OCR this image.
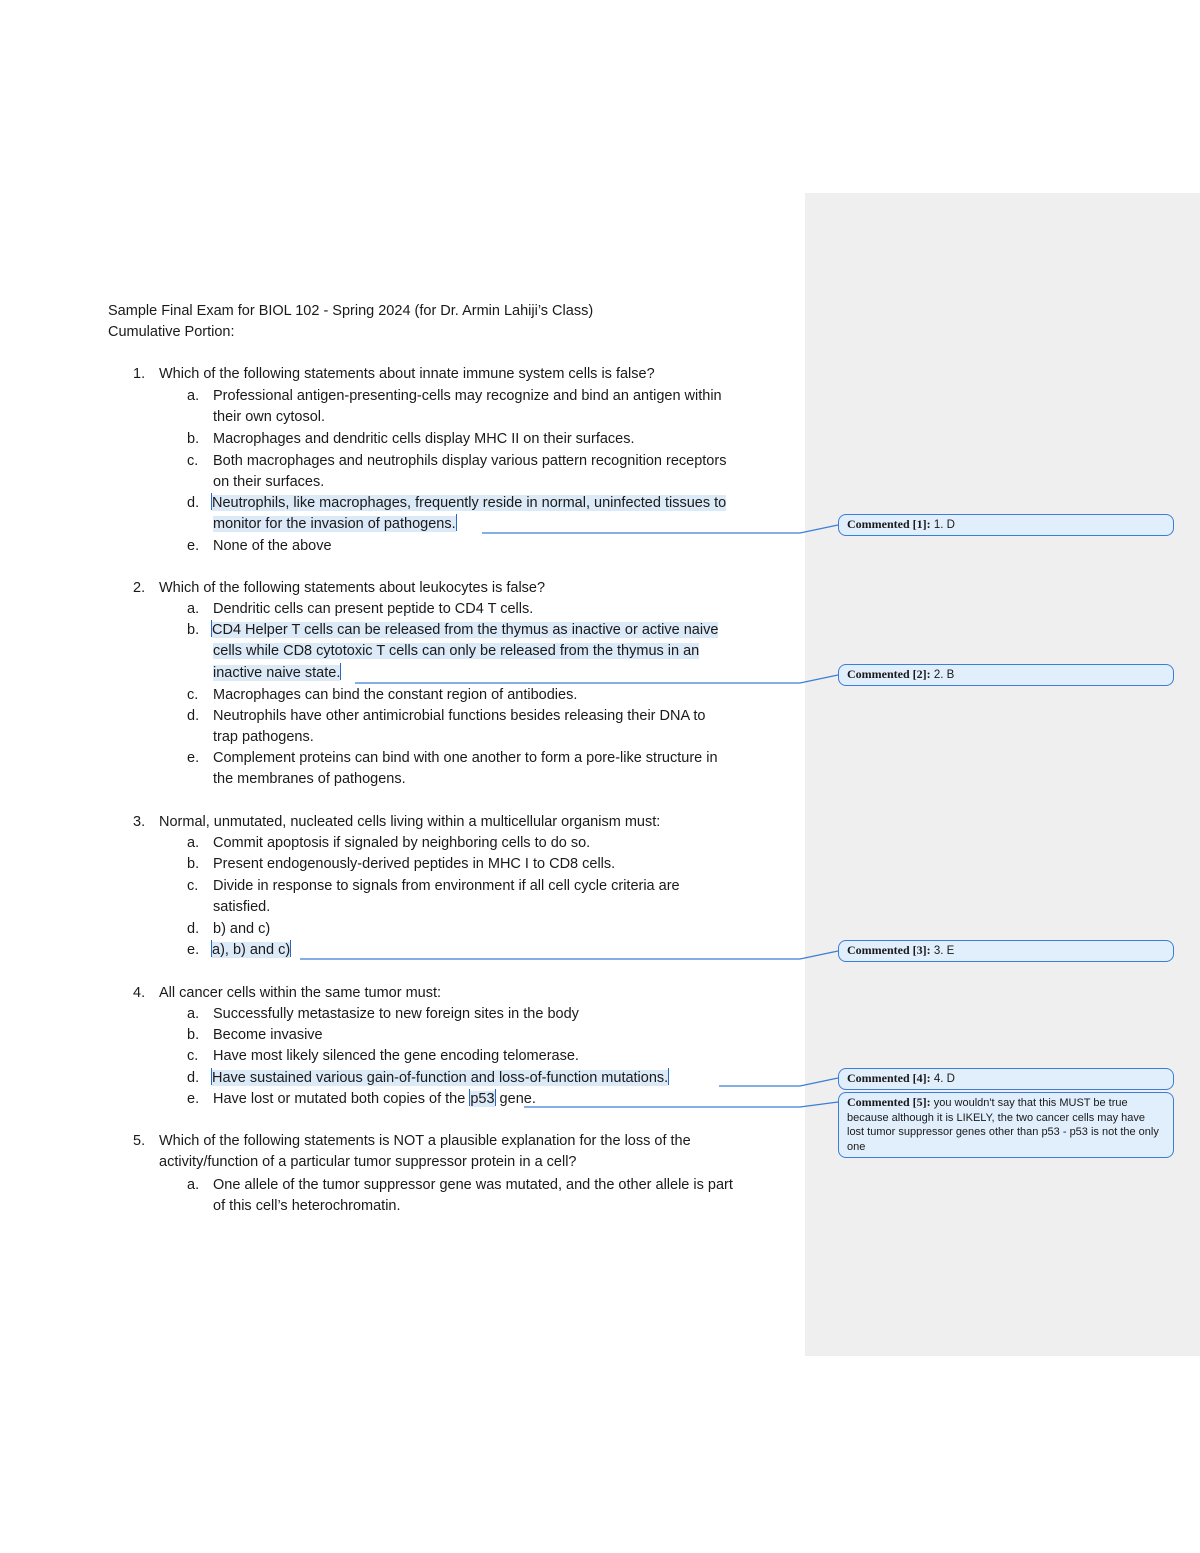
Sample Final Exam for BIOL 102 - Spring 2024 (for Dr. Armin Lahiji’s Class)
Cumulative Portion:
1. Which of the following statements about innate immune system cells is false?
a. Professional antigen-presenting-cells may recognize and bind an antigen within
their own cytosol.
b. Macrophages and dendritic cells display MHC II on their surfaces.
c. Both macrophages and neutrophils display various pattern recognition receptors
on their surfaces.
d. Neutrophils, like macrophages, frequently reside in normal, uninfected tissues to
monitor for the invasion of pathogens.
e. None of the above
2. Which of the following statements about leukocytes is false?
a. Dendritic cells can present peptide to CD4 T cells.
b. CD4 Helper T cells can be released from the thymus as inactive or active naive
cells while CD8 cytotoxic T cells can only be released from the thymus in an
inactive naive state.
c. Macrophages can bind the constant region of antibodies.
d. Neutrophils have other antimicrobial functions besides releasing their DNA to
trap pathogens.
e. Complement proteins can bind with one another to form a pore-like structure in
the membranes of pathogens.
3. Normal, unmutated, nucleated cells living within a multicellular organism must:
a. Commit apoptosis if signaled by neighboring cells to do so.
b. Present endogenously-derived peptides in MHC I to CD8 cells.
c. Divide in response to signals from environment if all cell cycle criteria are
satisfied.
d. b) and c)
e. a), b) and c)
4. All cancer cells within the same tumor must:
a. Successfully metastasize to new foreign sites in the body
b. Become invasive
c. Have most likely silenced the gene encoding telomerase.
d. Have sustained various gain-of-function and loss-of-function mutations.
e. Have lost or mutated both copies of the p53 gene.
5. Which of the following statements is NOT a plausible explanation for the loss of the
activity/function of a particular tumor suppressor protein in a cell?
a. One allele of the tumor suppressor gene was mutated, and the other allele is part
of this cell’s heterochromatin.
Commented [1]: 1. D
Commented [2]: 2. B
Commented [3]: 3. E
Commented [4]: 4. D
Commented [5]: you wouldn't say that this MUST be true because although it is LIKELY, the two cancer cells may have lost tumor suppressor genes other than p53 - p53 is not the only one
